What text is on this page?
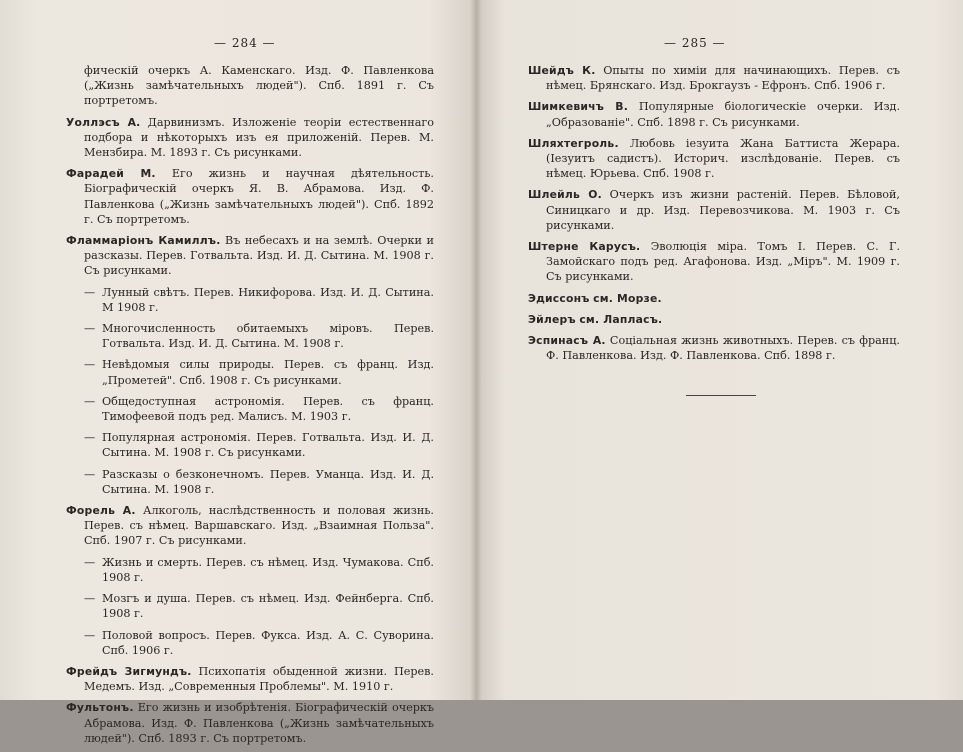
— 284 —

фическій очеркъ А. Каменскаго. Изд. Ф. Павленкова („Жизнь замѣчательныхъ людей"). Спб. 1891 г. Съ портретомъ.

Уоллэсъ А. Дарвинизмъ. Изложеніе теоріи естественнаго подбора и нѣкоторыхъ изъ ея приложеній. Перев. М. Мензбира. М. 1893 г. Съ рисунками.

Фарадей М. Его жизнь и научная дѣятельность. Біографическій очеркъ Я. В. Абрамова. Изд. Ф. Павленкова („Жизнь замѣчательныхъ людей"). Спб. 1892 г. Съ портретомъ.

Фламмаріонъ Камиллъ. Въ небесахъ и на землѣ. Очерки и разсказы. Перев. Готвальта. Изд. И. Д. Сытина. М. 1908 г. Съ рисунками.

— Лунный свѣтъ. Перев. Никифорова. Изд. И. Д. Сытина. М 1908 г.

— Многочисленность обитаемыхъ міровъ. Перев. Готвальта. Изд. И. Д. Сытина. М. 1908 г.

— Невѣдомыя силы природы. Перев. съ франц. Изд. „Прометей". Спб. 1908 г. Съ рисунками.

— Общедоступная астрономія. Перев. съ франц. Тимофеевой подъ ред. Малисъ. М. 1903 г.

— Популярная астрономія. Перев. Готвальта. Изд. И. Д. Сытина. М. 1908 г. Съ рисунками.

— Разсказы о безконечномъ. Перев. Уманца. Изд. И. Д. Сытина. М. 1908 г.

Форель А. Алкоголь, наслѣдственность и половая жизнь. Перев. съ нѣмец. Варшавскаго. Изд. „Взаимная Польза". Спб. 1907 г. Съ рисунками.

— Жизнь и смерть. Перев. съ нѣмец. Изд. Чумакова. Спб. 1908 г.

— Мозгъ и душа. Перев. съ нѣмец. Изд. Фейнберга. Спб. 1908 г.

— Половой вопросъ. Перев. Фукса. Изд. А. С. Суворина. Спб. 1906 г.

Фрейдъ Зигмундъ. Психопатія обыденной жизни. Перев. Медемъ. Изд. „Современныя Проблемы". М. 1910 г.

Фультонъ. Его жизнь и изобрѣтенія. Біографическій очеркъ Абрамова. Изд. Ф. Павленкова („Жизнь замѣчательныхъ людей"). Спб. 1893 г. Съ портретомъ.

— 285 —

Шейдъ К. Опыты по химіи для начинающихъ. Перев. съ нѣмец. Брянскаго. Изд. Брокгаузъ - Ефронъ. Спб. 1906 г.

Шимкевичъ В. Популярные біологическіе очерки. Изд. „Образованіе". Спб. 1898 г. Съ рисунками.

Шляхтегроль. Любовь іезуита Жана Баттиста Жерара. (Іезуитъ садистъ). Историч. изслѣдованіе. Перев. съ нѣмец. Юрьева. Спб. 1908 г.

Шлейль О. Очеркъ изъ жизни растеній. Перев. Бѣловой, Синицкаго и др. Изд. Перевозчикова. М. 1903 г. Съ рисунками.

Штерне Карусъ. Эволюція міра. Томъ I. Перев. С. Г. Замойскаго подъ ред. Агафонова. Изд. „Міръ". М. 1909 г. Съ рисунками.

Эдиссонъ см. Морзе.

Эйлеръ см. Лапласъ.

Эспинасъ А. Соціальная жизнь животныхъ. Перев. съ франц. Ф. Павленкова. Изд. Ф. Павленкова. Спб. 1898 г.
